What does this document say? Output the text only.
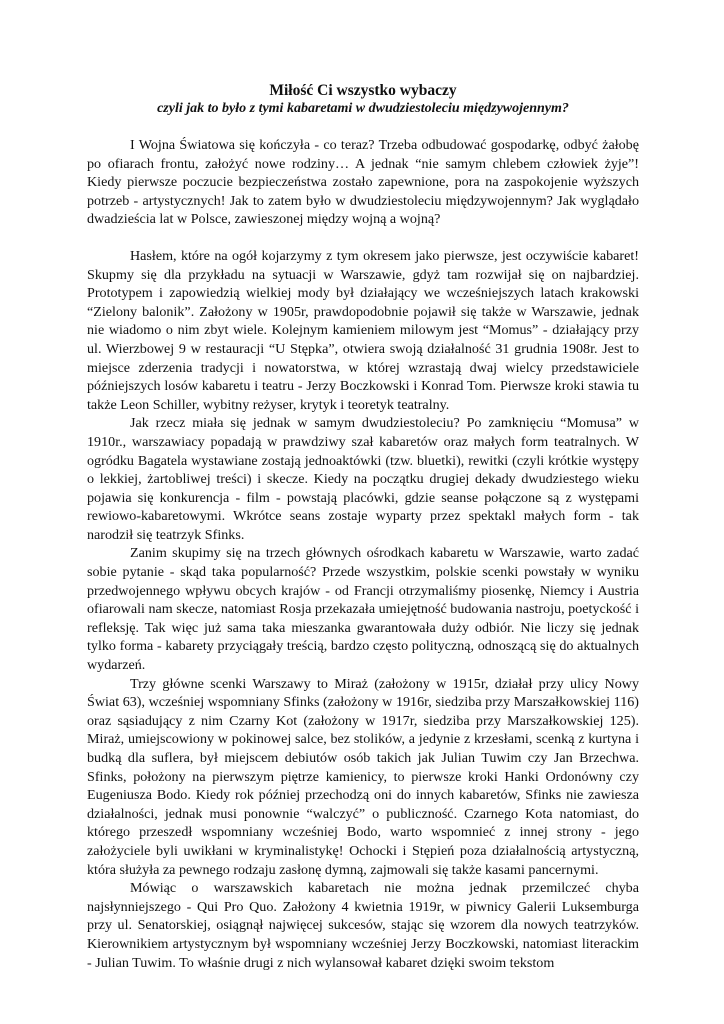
Miłość Ci wszystko wybaczy
czyli jak to było z tymi kabaretami w dwudziestoleciu międzywojennym?

I Wojna Światowa się kończyła - co teraz? Trzeba odbudować gospodarkę, odbyć żałobę po ofiarach frontu, założyć nowe rodziny… A jednak “nie samym chlebem człowiek żyje”! Kiedy pierwsze poczucie bezpieczeństwa zostało zapewnione, pora na zaspokojenie wyższych potrzeb - artystycznych! Jak to zatem było w dwudziestoleciu międzywojennym? Jak wyglądało dwadzieścia lat w Polsce, zawieszonej między wojną a wojną?

Hasłem, które na ogół kojarzymy z tym okresem jako pierwsze, jest oczywiście kabaret! Skupmy się dla przykładu na sytuacji w Warszawie, gdyż tam rozwijał się on najbardziej. Prototypem i zapowiedzią wielkiej mody był działający we wcześniejszych latach krakowski “Zielony balonik”. Założony w 1905r, prawdopodobnie pojawił się także w Warszawie, jednak nie wiadomo o nim zbyt wiele. Kolejnym kamieniem milowym jest “Momus” - działający przy ul. Wierzbowej 9 w restauracji “U Stępka”, otwiera swoją działalność 31 grudnia 1908r. Jest to miejsce zderzenia tradycji i nowatorstwa, w której wzrastają dwaj wielcy przedstawiciele późniejszych losów kabaretu i teatru - Jerzy Boczkowski i Konrad Tom. Pierwsze kroki stawia tu także Leon Schiller, wybitny reżyser, krytyk i teoretyk teatralny.

Jak rzecz miała się jednak w samym dwudziestoleciu? Po zamknięciu “Momusa” w 1910r., warszawiacy popadają w prawdziwy szał kabaretów oraz małych form teatralnych. W ogródku Bagatela wystawiane zostają jednoaktówki (tzw. bluetki), rewitki (czyli krótkie występy o lekkiej, żartobliwej treści) i skecze. Kiedy na początku drugiej dekady dwudziestego wieku pojawia się konkurencja - film - powstają placówki, gdzie seanse połączone są z występami rewiowo-kabaretowymi. Wkrótce seans zostaje wyparty przez spektakl małych form - tak narodził się teatrzyk Sfinks.

Zanim skupimy się na trzech głównych ośrodkach kabaretu w Warszawie, warto zadać sobie pytanie - skąd taka popularność? Przede wszystkim, polskie scenki powstały w wyniku przedwojennego wpływu obcych krajów - od Francji otrzymaliśmy piosenkę, Niemcy i Austria ofiarowali nam skecze, natomiast Rosja przekazała umiejętność budowania nastroju, poetyckość i refleksję. Tak więc już sama taka mieszanka gwarantowała duży odbiór. Nie liczy się jednak tylko forma - kabarety przyciągały treścią, bardzo często polityczną, odnoszącą się do aktualnych wydarzeń.

Trzy główne scenki Warszawy to Miraż (założony w 1915r, działał przy ulicy Nowy Świat 63), wcześniej wspomniany Sfinks (założony w 1916r, siedziba przy Marszałkowskiej 116) oraz sąsiadujący z nim Czarny Kot (założony w 1917r, siedziba przy Marszałkowskiej 125). Miraż, umiejscowiony w pokinowej salce, bez stolików, a jedynie z krzesłami, scenką z kurtyna i budką dla suflera, był miejscem debiutów osób takich jak Julian Tuwim czy Jan Brzechwa. Sfinks, położony na pierwszym piętrze kamienicy, to pierwsze kroki Hanki Ordonówny czy Eugeniusza Bodo. Kiedy rok później przechodzą oni do innych kabaretów, Sfinks nie zawiesza działalności, jednak musi ponownie “walczyć” o publiczność. Czarnego Kota natomiast, do którego przeszedł wspomniany wcześniej Bodo, warto wspomnieć z innej strony - jego założyciele byli uwikłani w kryminalistykę! Ochocki i Stępień poza działalnością artystyczną, która służyła za pewnego rodzaju zasłonę dymną, zajmowali się także kasami pancernymi.

Mówiąc o warszawskich kabaretach nie można jednak przemilczeć chyba najsłynniejszego - Qui Pro Quo. Założony 4 kwietnia 1919r, w piwnicy Galerii Luksemburga przy ul. Senatorskiej, osiągnął najwięcej sukcesów, stając się wzorem dla nowych teatrzyków. Kierownikiem artystycznym był wspomniany wcześniej Jerzy Boczkowski, natomiast literackim - Julian Tuwim. To właśnie drugi z nich wylansował kabaret dzięki swoim tekstom
